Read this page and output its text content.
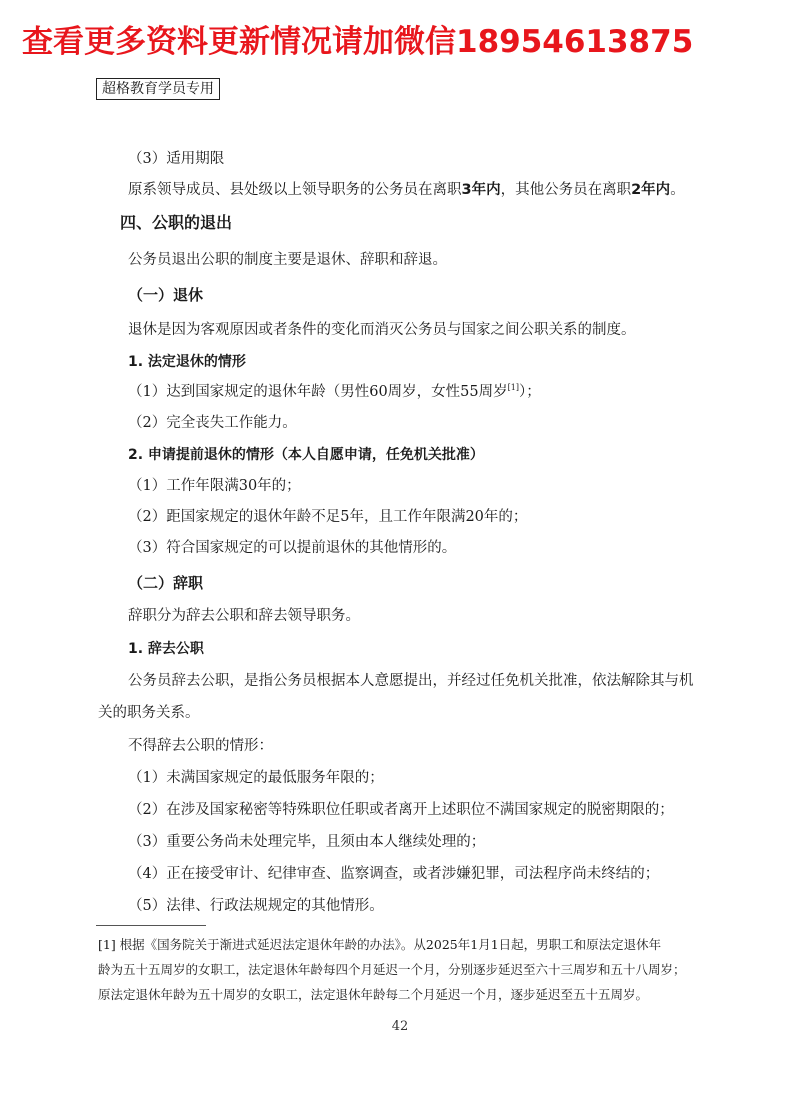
查看更多资料更新情况请加微信18954613875
超格教育学员专用
（3）适用期限
原系领导成员、县处级以上领导职务的公务员在离职3年内，其他公务员在离职2年内。
四、公职的退出
公务员退出公职的制度主要是退休、辞职和辞退。
（一）退休
退休是因为客观原因或者条件的变化而消灭公务员与国家之间公职关系的制度。
1. 法定退休的情形
（1）达到国家规定的退休年龄（男性60周岁，女性55周岁[1]）；
（2）完全丧失工作能力。
2. 申请提前退休的情形（本人自愿申请，任免机关批准）
（1）工作年限满30年的；
（2）距国家规定的退休年龄不足5年，且工作年限满20年的；
（3）符合国家规定的可以提前退休的其他情形的。
（二）辞职
辞职分为辞去公职和辞去领导职务。
1. 辞去公职
公务员辞去公职，是指公务员根据本人意愿提出，并经过任免机关批准，依法解除其与机
关的职务关系。
不得辞去公职的情形：
（1）未满国家规定的最低服务年限的；
（2）在涉及国家秘密等特殊职位任职或者离开上述职位不满国家规定的脱密期限的；
（3）重要公务尚未处理完毕，且须由本人继续处理的；
（4）正在接受审计、纪律审查、监察调查，或者涉嫌犯罪，司法程序尚未终结的；
（5）法律、行政法规规定的其他情形。
[1] 根据《国务院关于渐进式延迟法定退休年龄的办法》。从2025年1月1日起，男职工和原法定退休年
龄为五十五周岁的女职工，法定退休年龄每四个月延迟一个月，分别逐步延迟至六十三周岁和五十八周岁；
原法定退休年龄为五十周岁的女职工，法定退休年龄每二个月延迟一个月，逐步延迟至五十五周岁。
42
